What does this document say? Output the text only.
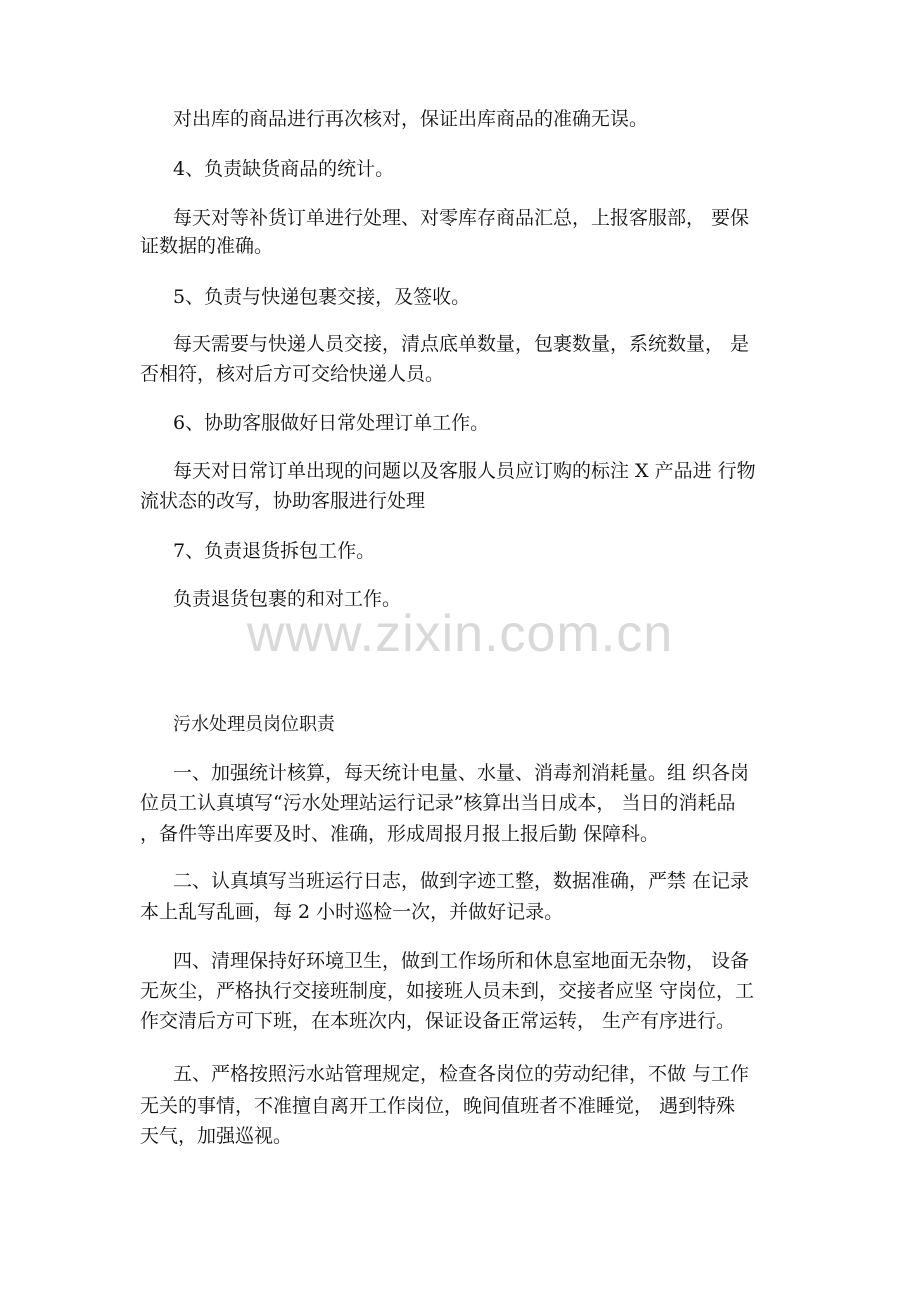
对出库的商品进行再次核对，保证出库商品的准确无误。
4、负责缺货商品的统计。
每天对等补货订单进行处理、对零库存商品汇总，上报客服部， 要保
证数据的准确。
5、负责与快递包裹交接，及签收。
每天需要与快递人员交接，清点底单数量，包裹数量，系统数量， 是
否相符，核对后方可交给快递人员。
6、协助客服做好日常处理订单工作。
每天对日常订单出现的问题以及客服人员应订购的标注 X 产品进 行物
流状态的改写，协助客服进行处理
7、负责退货拆包工作。
负责退货包裹的和对工作。
www.zixin.com.cn
污水处理员岗位职责
一、加强统计核算，每天统计电量、水量、消毒剂消耗量。组 织各岗
位员工认真填写“污水处理站运行记录”核算出当日成本， 当日的消耗品
，备件等出库要及时、准确，形成周报月报上报后勤 保障科。
二、认真填写当班运行日志，做到字迹工整，数据准确，严禁 在记录
本上乱写乱画，每 2 小时巡检一次，并做好记录。
四、清理保持好环境卫生，做到工作场所和休息室地面无杂物， 设备
无灰尘，严格执行交接班制度，如接班人员未到，交接者应坚 守岗位，工
作交清后方可下班，在本班次内，保证设备正常运转， 生产有序进行。
五、严格按照污水站管理规定，检查各岗位的劳动纪律，不做 与工作
无关的事情，不准擅自离开工作岗位，晚间值班者不准睡觉， 遇到特殊
天气，加强巡视。
